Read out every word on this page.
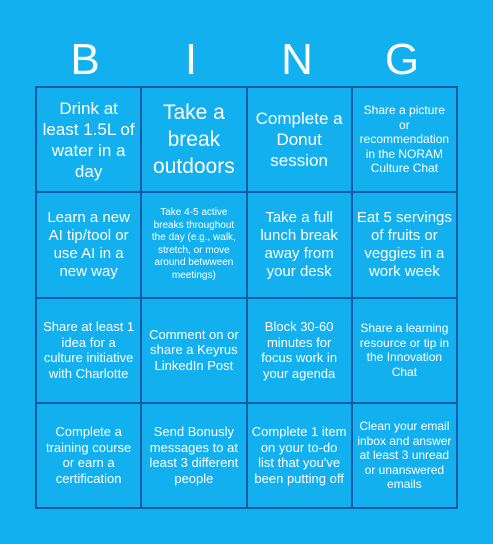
B	I	N	G
Drink at least 1.5L of water in a day
Take a break outdoors
Complete a Donut session
Share a picture or recommendation in the NORAM Culture Chat
Learn a new AI tip/tool or use AI in a new way
Take 4-5 active breaks throughout the day (e.g., walk, stretch, or move around betwween meetings)
Take a full lunch break away from your desk
Eat 5 servings of fruits or veggies in a work week
Share at least 1 idea for a culture initiative with Charlotte
Comment on or share a Keyrus LinkedIn Post
Block 30-60 minutes for focus work in your agenda
Share a learning resource or tip in the Innovation Chat
Complete a training course or earn a certification
Send Bonusly messages to at least 3 different people
Complete 1 item on your to-do list that you've been putting off
Clean your email inbox and answer at least 3 unread or unanswered emails
